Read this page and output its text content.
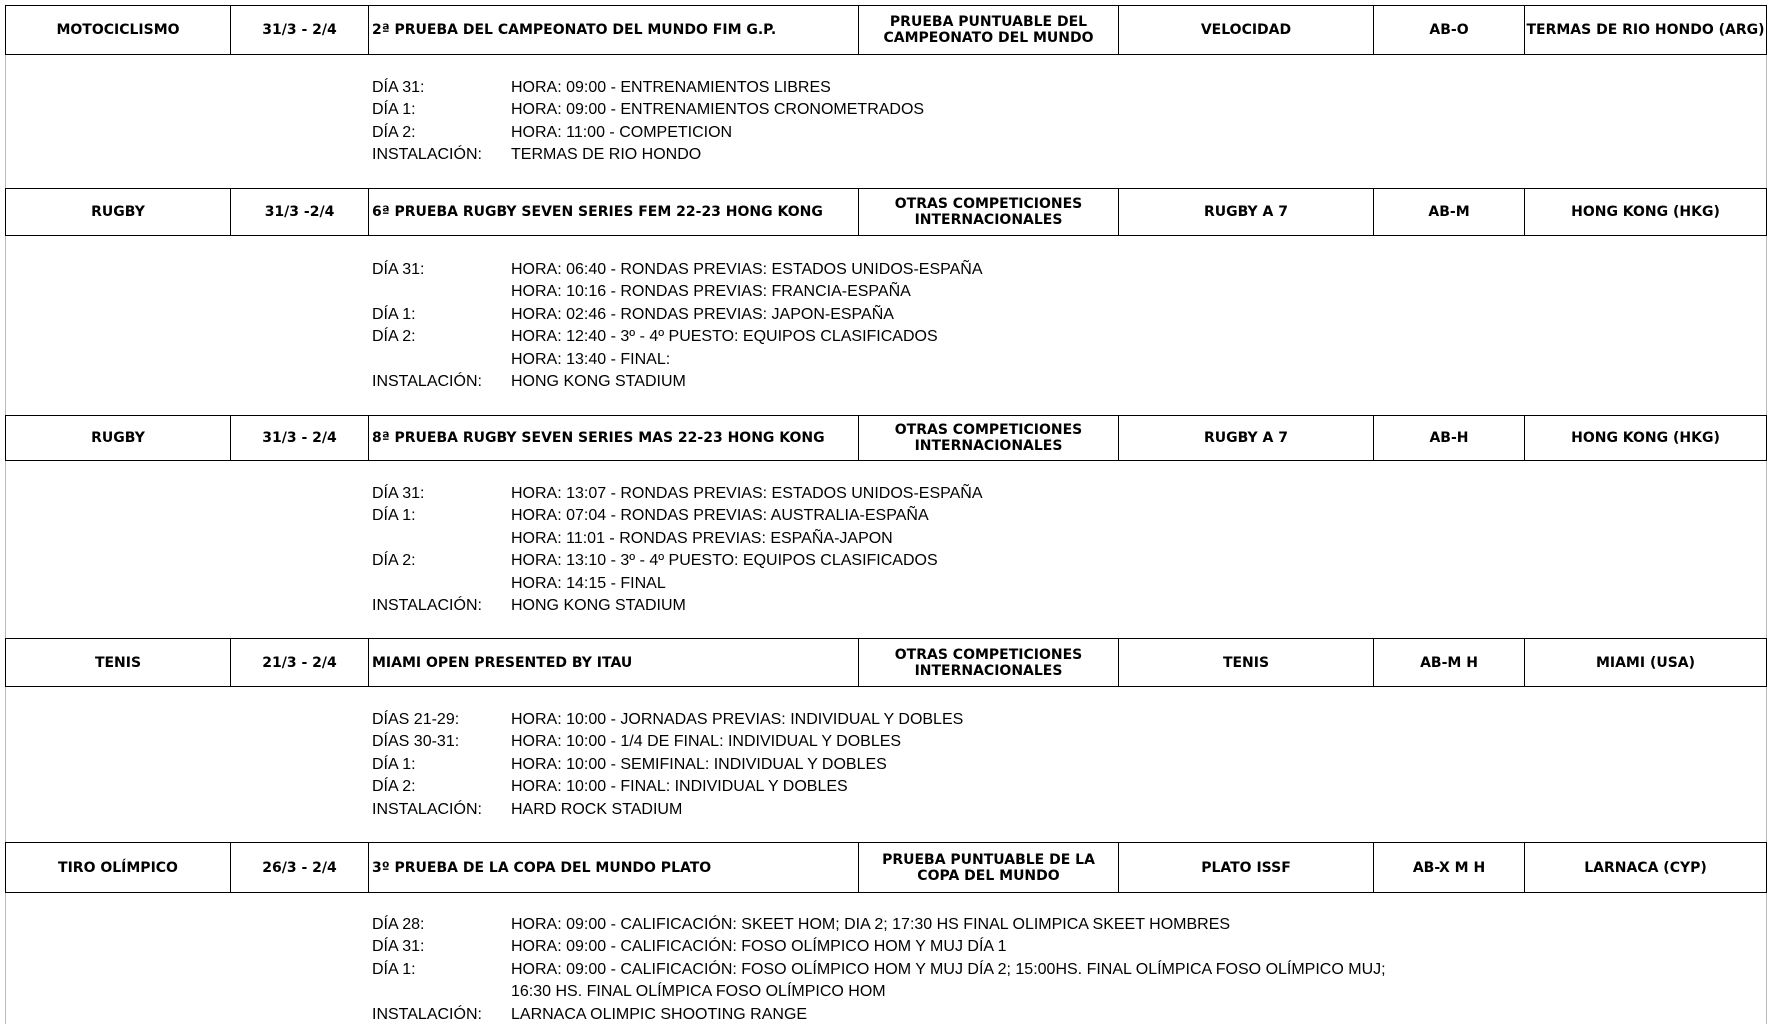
MOTOCICLISMO	31/3 - 2/4	2ª PRUEBA DEL CAMPEONATO DEL MUNDO FIM G.P.	PRUEBA PUNTUABLE DEL CAMPEONATO DEL MUNDO	VELOCIDAD	AB-O	TERMAS DE RIO HONDO (ARG)
DÍA 31:	HORA: 09:00 - ENTRENAMIENTOS LIBRES
DÍA 1:	HORA: 09:00 - ENTRENAMIENTOS CRONOMETRADOS
DÍA 2:	HORA: 11:00 - COMPETICION
INSTALACIÓN: TERMAS DE RIO HONDO
RUGBY	31/3 -2/4	6ª PRUEBA RUGBY SEVEN SERIES FEM 22-23 HONG KONG	OTRAS COMPETICIONES INTERNACIONALES	RUGBY A 7	AB-M	HONG KONG (HKG)
DÍA 31:	HORA: 06:40 - RONDAS PREVIAS: ESTADOS UNIDOS-ESPAÑA
HORA: 10:16 - RONDAS PREVIAS: FRANCIA-ESPAÑA
DÍA 1:	HORA: 02:46 - RONDAS PREVIAS: JAPON-ESPAÑA
DÍA 2:	HORA: 12:40 - 3º - 4º PUESTO: EQUIPOS CLASIFICADOS
HORA: 13:40 - FINAL:
INSTALACIÓN: HONG KONG STADIUM
RUGBY	31/3 - 2/4	8ª PRUEBA RUGBY SEVEN SERIES MAS 22-23 HONG KONG	OTRAS COMPETICIONES INTERNACIONALES	RUGBY A 7	AB-H	HONG KONG (HKG)
DÍA 31:	HORA: 13:07 - RONDAS PREVIAS: ESTADOS UNIDOS-ESPAÑA
DÍA 1:	HORA: 07:04 - RONDAS PREVIAS: AUSTRALIA-ESPAÑA
HORA: 11:01 - RONDAS PREVIAS: ESPAÑA-JAPON
DÍA 2:	HORA: 13:10 - 3º - 4º PUESTO: EQUIPOS CLASIFICADOS
HORA: 14:15 - FINAL
INSTALACIÓN: HONG KONG STADIUM
TENIS	21/3 - 2/4	MIAMI OPEN PRESENTED BY ITAU	OTRAS COMPETICIONES INTERNACIONALES	TENIS	AB-M H	MIAMI (USA)
DÍAS 21-29:	HORA: 10:00 - JORNADAS PREVIAS: INDIVIDUAL Y DOBLES
DÍAS 30-31:	HORA: 10:00 - 1/4 DE FINAL: INDIVIDUAL Y DOBLES
DÍA 1:	HORA: 10:00 - SEMIFINAL: INDIVIDUAL Y DOBLES
DÍA 2:	HORA: 10:00 - FINAL: INDIVIDUAL Y DOBLES
INSTALACIÓN: HARD ROCK STADIUM
TIRO OLÍMPICO	26/3 - 2/4	3º PRUEBA DE LA COPA DEL MUNDO PLATO	PRUEBA PUNTUABLE DE LA COPA DEL MUNDO	PLATO ISSF	AB-X M H	LARNACA (CYP)
DÍA 28:	HORA: 09:00 - CALIFICACIÓN: SKEET HOM; DIA 2; 17:30 HS FINAL OLIMPICA SKEET HOMBRES
DÍA 31:	HORA: 09:00 - CALIFICACIÓN: FOSO OLÍMPICO HOM Y MUJ DÍA 1
DÍA 1:	HORA: 09:00 - CALIFICACIÓN: FOSO OLÍMPICO HOM Y MUJ DÍA 2; 15:00HS. FINAL OLÍMPICA FOSO OLÍMPICO MUJ;
16:30 HS. FINAL OLÍMPICA FOSO OLÍMPICO HOM
INSTALACIÓN: LARNACA OLIMPIC SHOOTING RANGE
